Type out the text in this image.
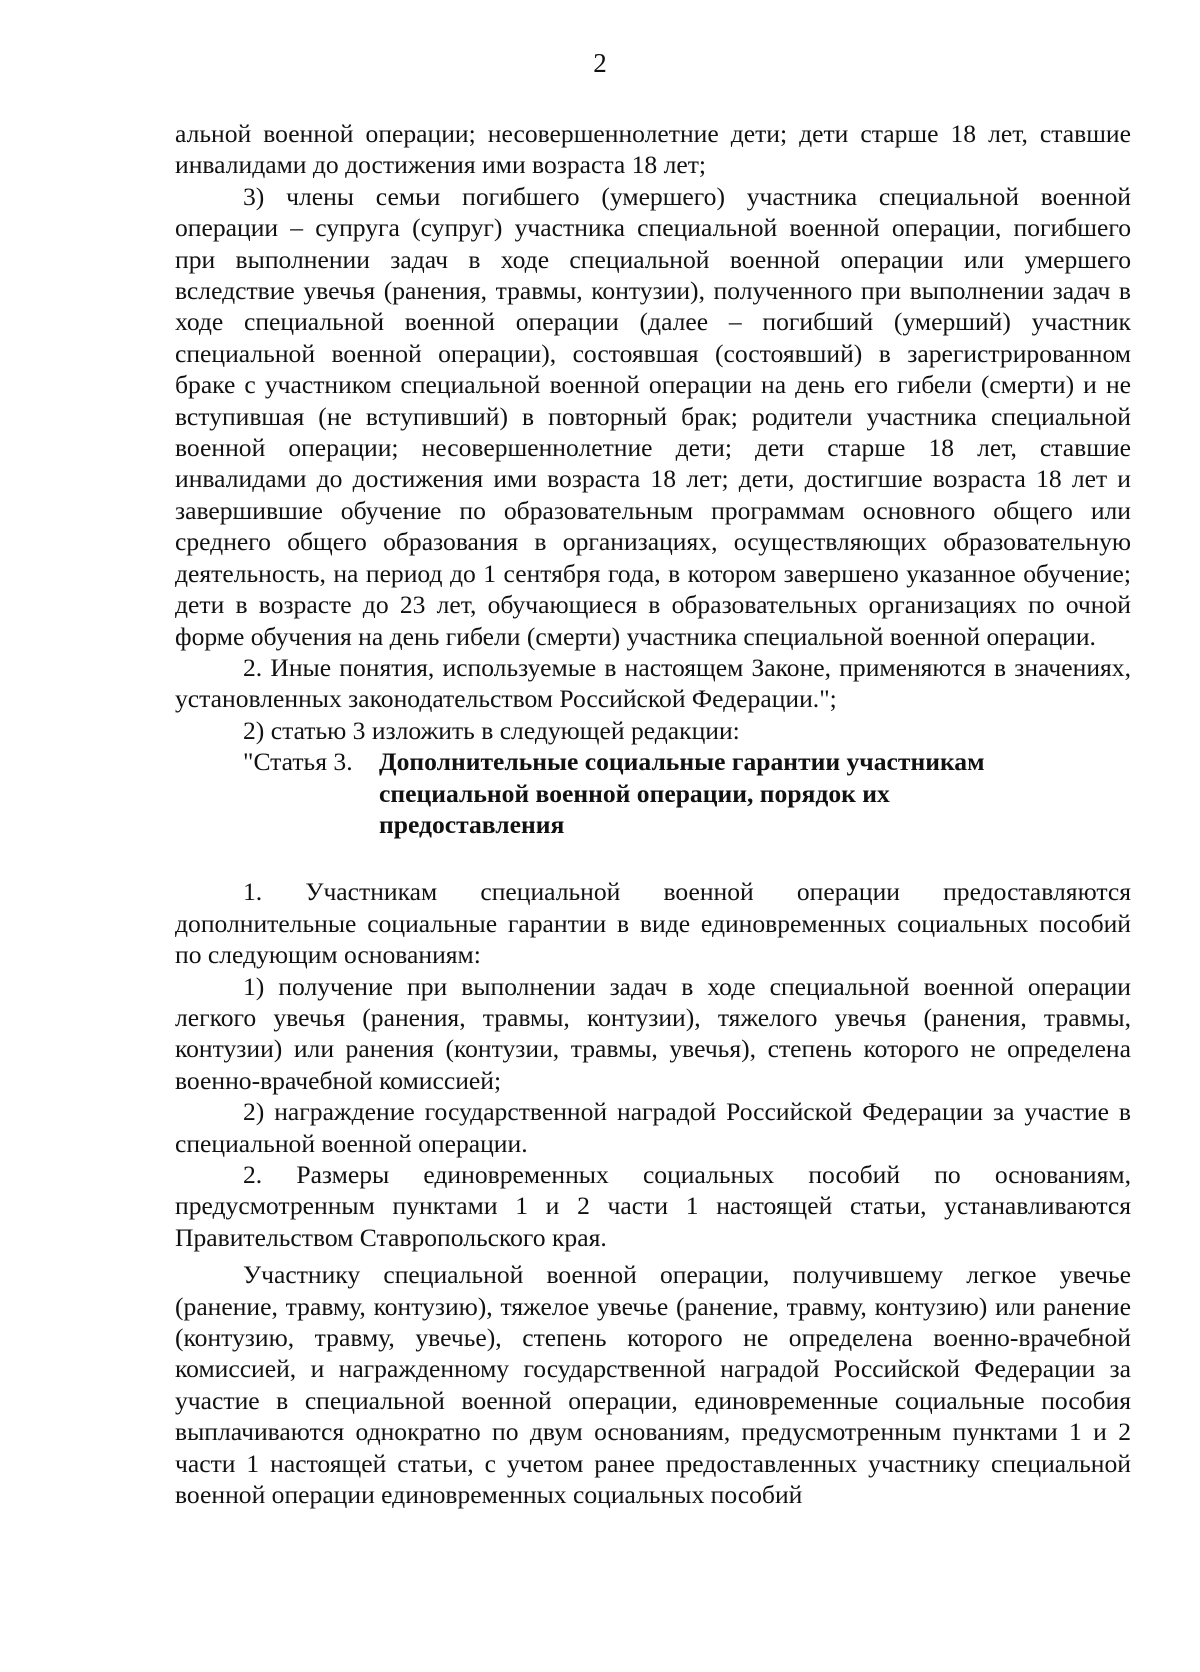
2

альной военной операции; несовершеннолетние дети; дети старше 18 лет, ставшие инвалидами до достижения ими возраста 18 лет;

3) члены семьи погибшего (умершего) участника специальной военной операции – супруга (супруг) участника специальной военной операции, погибшего при выполнении задач в ходе специальной военной операции или умершего вследствие увечья (ранения, травмы, контузии), полученного при выполнении задач в ходе специальной военной операции (далее – погибший (умерший) участник специальной военной операции), состоявшая (состоявший) в зарегистрированном браке с участником специальной военной операции на день его гибели (смерти) и не вступившая (не вступивший) в повторный брак; родители участника специальной военной операции; несовершеннолетние дети; дети старше 18 лет, ставшие инвалидами до достижения ими возраста 18 лет; дети, достигшие возраста 18 лет и завершившие обучение по образовательным программам основного общего или среднего общего образования в организациях, осуществляющих образовательную деятельность, на период до 1 сентября года, в котором завершено указанное обучение; дети в возрасте до 23 лет, обучающиеся в образовательных организациях по очной форме обучения на день гибели (смерти) участника специальной военной операции.

2. Иные понятия, используемые в настоящем Законе, применяются в значениях, установленных законодательством Российской Федерации.";

2) статью 3 изложить в следующей редакции:

"Статья 3.	Дополнительные социальные гарантии участникам специальной военной операции, порядок их предоставления

1. Участникам специальной военной операции предоставляются дополнительные социальные гарантии в виде единовременных социальных пособий по следующим основаниям:

1) получение при выполнении задач в ходе специальной военной операции легкого увечья (ранения, травмы, контузии), тяжелого увечья (ранения, травмы, контузии) или ранения (контузии, травмы, увечья), степень которого не определена военно-врачебной комиссией;

2) награждение государственной наградой Российской Федерации за участие в специальной военной операции.

2. Размеры единовременных социальных пособий по основаниям, предусмотренным пунктами 1 и 2 части 1 настоящей статьи, устанавливаются Правительством Ставропольского края.

Участнику специальной военной операции, получившему легкое увечье (ранение, травму, контузию), тяжелое увечье (ранение, травму, контузию) или ранение (контузию, травму, увечье), степень которого не определена военно-врачебной комиссией, и награжденному государственной наградой Российской Федерации за участие в специальной военной операции, единовременные социальные пособия выплачиваются однократно по двум основаниям, предусмотренным пунктами 1 и 2 части 1 настоящей статьи, с учетом ранее предоставленных участнику специальной военной операции единовременных социальных пособий
